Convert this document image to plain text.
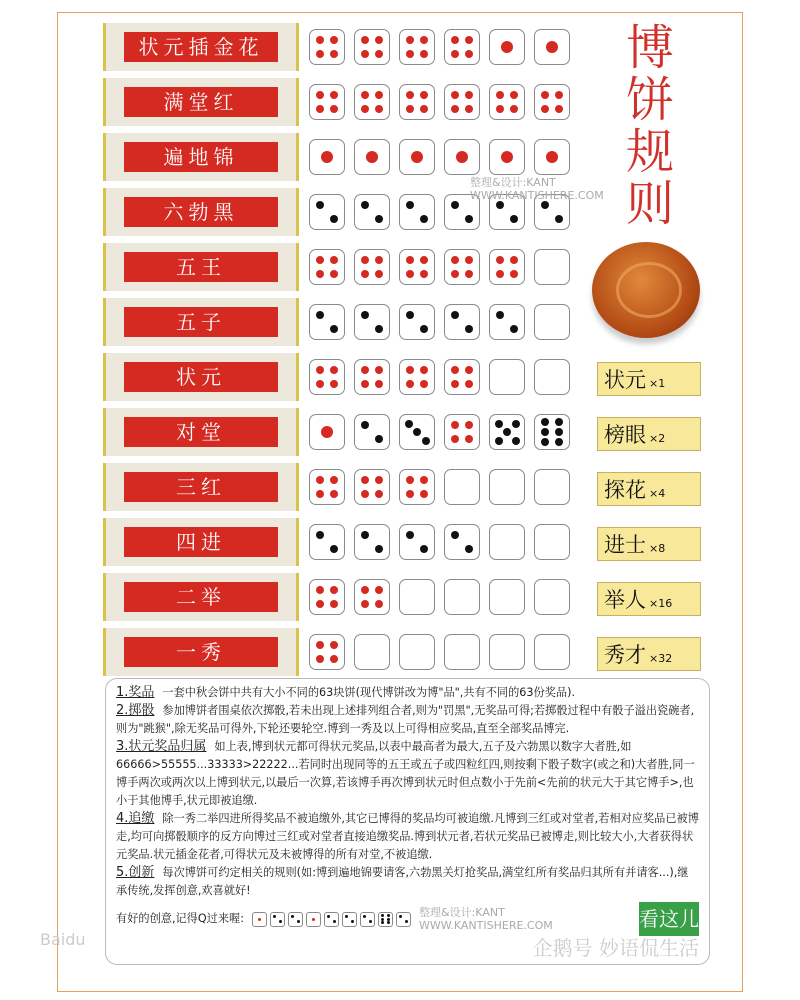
状元插金花
满堂红
遍地锦
六勃黑
五王
五子
状元
对堂
三红
四进
二举
一秀
博饼规则
整理&设计:KANT
WWW.KANTISHERE.COM
状元 ×1
榜眼 ×2
探花 ×4
进士 ×8
举人 ×16
秀才 ×32
1.奖品 一套中秋会饼中共有大小不同的63块饼(现代博饼改为博"品",共有不同的63份奖品).
2.掷骰 参加博饼者围桌依次掷骰,若未出现上述排列组合者,则为"罚黑",无奖品可得;若掷骰过程中有骰子溢出瓷碗者,则为"跳猴",除无奖品可得外,下轮还要轮空.博到一秀及以上可得相应奖品,直至全部奖品博完.
3.状元奖品归属 如上表,博到状元都可得状元奖品,以表中最高者为最大,五子及六勃黑以数字大者胜,如66666>55555...33333>22222...若同时出现同等的五王或五子或四粒红四,则按剩下骰子数字(或之和)大者胜,同一博手两次或两次以上博到状元,以最后一次算,若该博手再次博到状元时但点数小于先前<先前的状元大于其它博手>,也小于其他博手,状元即被追缴.
4.追缴 除一秀二举四进所得奖品不被追缴外,其它已博得的奖品均可被追缴.凡博到三红或对堂者,若相对应奖品已被博走,均可向掷骰顺序的反方向博过三红或对堂者直接追缴奖品.博到状元者,若状元奖品已被博走,则比较大小,大者获得状元奖品.状元插金花者,可得状元及未被博得的所有对堂,不被追缴.
5.创新 每次博饼可约定相关的规则(如:博到遍地锦要请客,六勃黑关灯抢奖品,满堂红所有奖品归其所有并请客...),继承传统,发挥创意,欢喜就好!
有好的创意,记得Q过来喔:	整理&设计:KANT
WWW.KANTISHERE.COM	看这儿
企鹅号 妙语侃生活
Baidu
